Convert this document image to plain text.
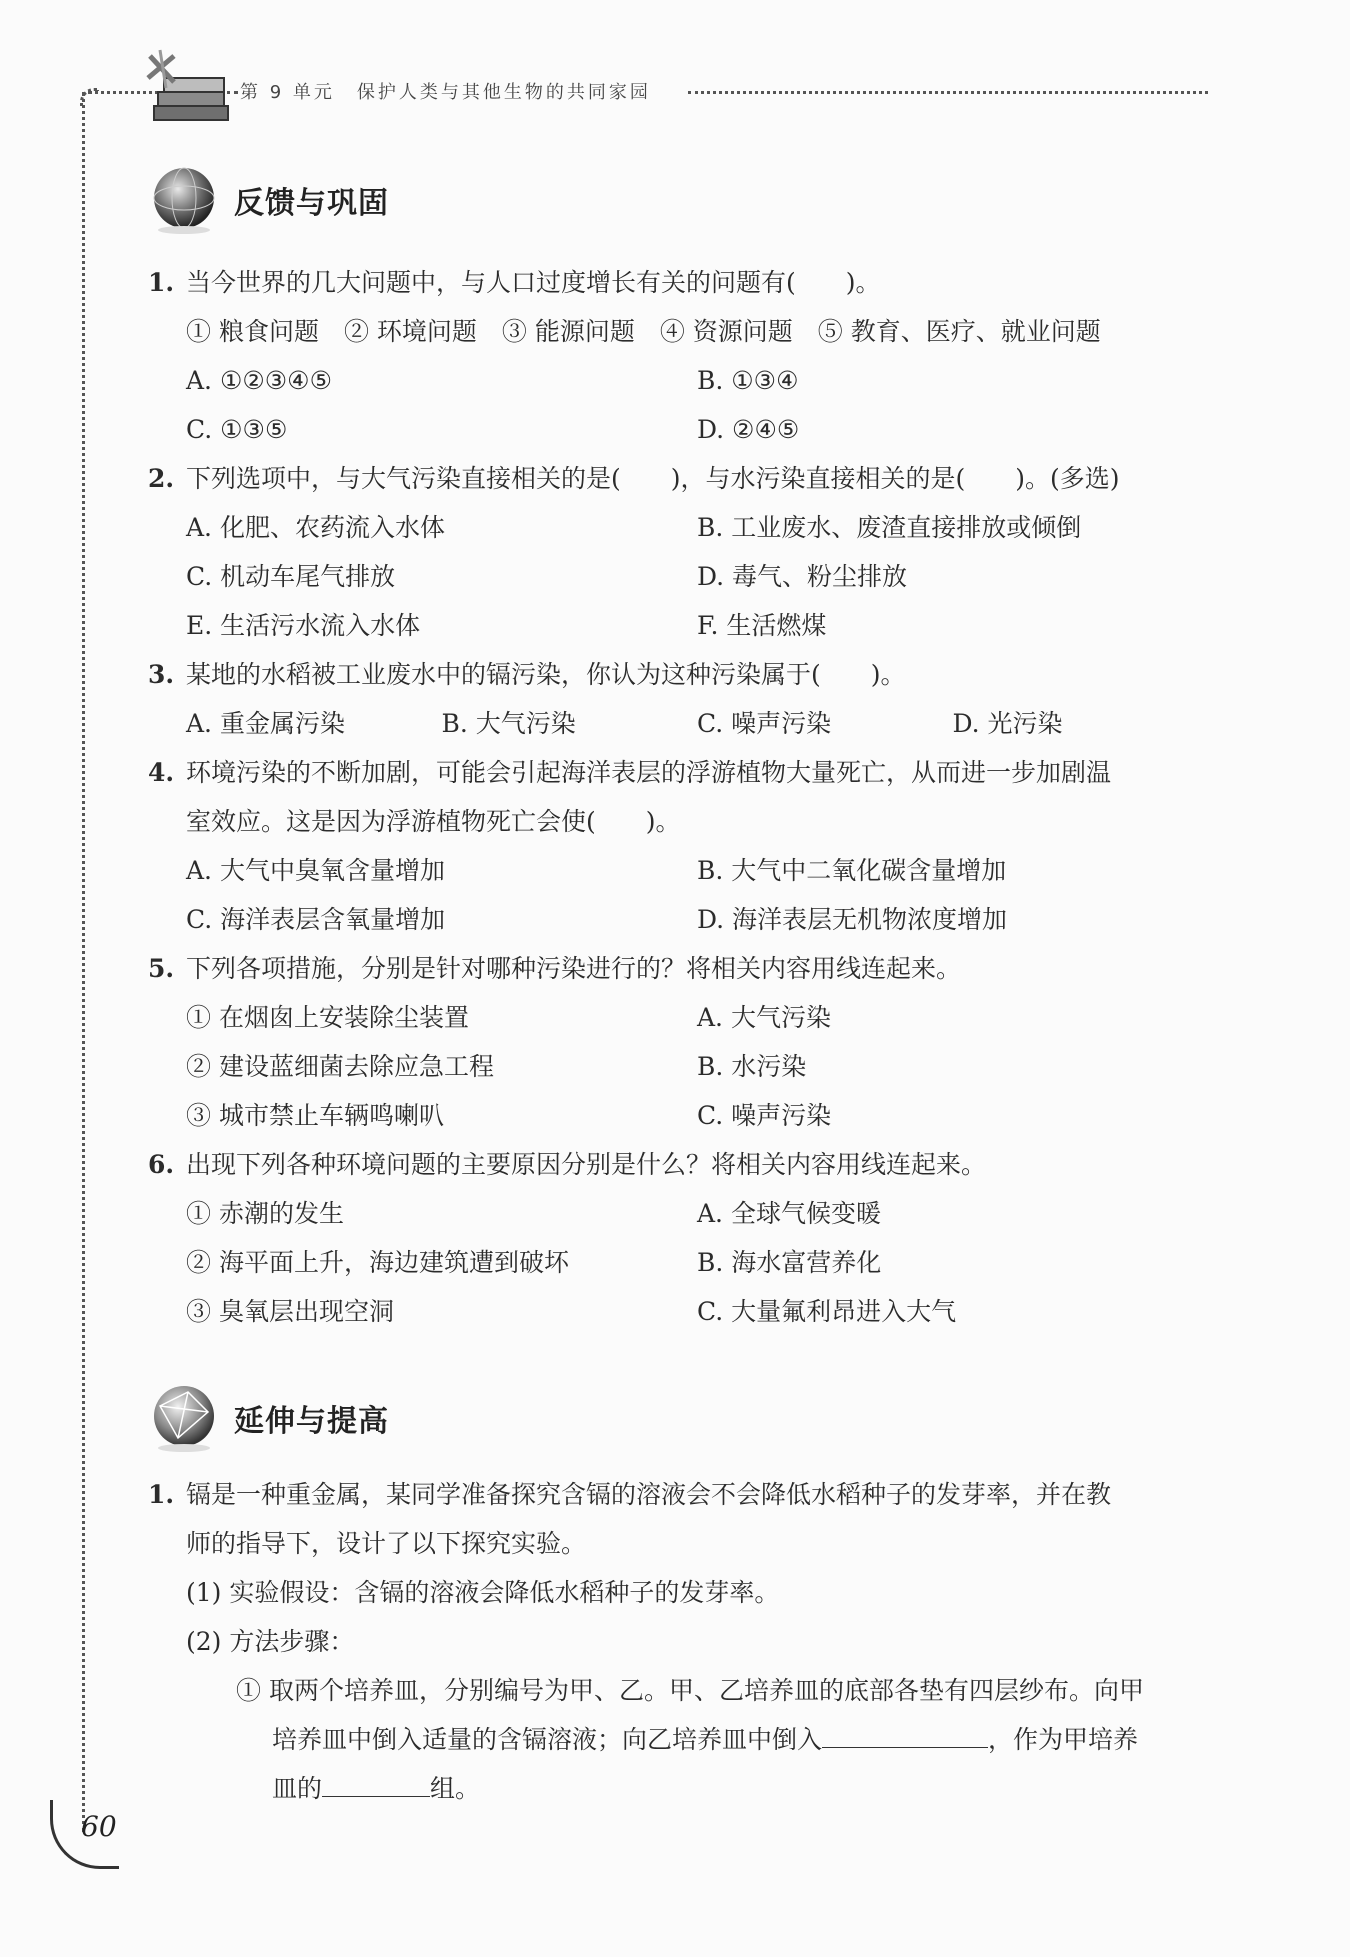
第 9 单元 保护人类与其他生物的共同家园
反馈与巩固
1. 当今世界的几大问题中，与人口过度增长有关的问题有(　　)。
① 粮食问题　② 环境问题　③ 能源问题　④ 资源问题　⑤ 教育、医疗、就业问题
A. ①②③④⑤	B. ①③④
C. ①③⑤	D. ②④⑤
2. 下列选项中，与大气污染直接相关的是(　　)，与水污染直接相关的是(　　)。(多选)
A. 化肥、农药流入水体	B. 工业废水、废渣直接排放或倾倒
C. 机动车尾气排放	D. 毒气、粉尘排放
E. 生活污水流入水体	F. 生活燃煤
3. 某地的水稻被工业废水中的镉污染，你认为这种污染属于(　　)。
A. 重金属污染	B. 大气污染	C. 噪声污染	D. 光污染
4. 环境污染的不断加剧，可能会引起海洋表层的浮游植物大量死亡，从而进一步加剧温
室效应。这是因为浮游植物死亡会使(　　)。
A. 大气中臭氧含量增加	B. 大气中二氧化碳含量增加
C. 海洋表层含氧量增加	D. 海洋表层无机物浓度增加
5. 下列各项措施，分别是针对哪种污染进行的？将相关内容用线连起来。
① 在烟囱上安装除尘装置	A. 大气污染
② 建设蓝细菌去除应急工程	B. 水污染
③ 城市禁止车辆鸣喇叭	C. 噪声污染
6. 出现下列各种环境问题的主要原因分别是什么？将相关内容用线连起来。
① 赤潮的发生	A. 全球气候变暖
② 海平面上升，海边建筑遭到破坏	B. 海水富营养化
③ 臭氧层出现空洞	C. 大量氟利昂进入大气
延伸与提高
1. 镉是一种重金属，某同学准备探究含镉的溶液会不会降低水稻种子的发芽率，并在教
师的指导下，设计了以下探究实验。
(1) 实验假设：含镉的溶液会降低水稻种子的发芽率。
(2) 方法步骤：
① 取两个培养皿，分别编号为甲、乙。甲、乙培养皿的底部各垫有四层纱布。向甲
培养皿中倒入适量的含镉溶液；向乙培养皿中倒入	，作为甲培养
皿的	组。
60
